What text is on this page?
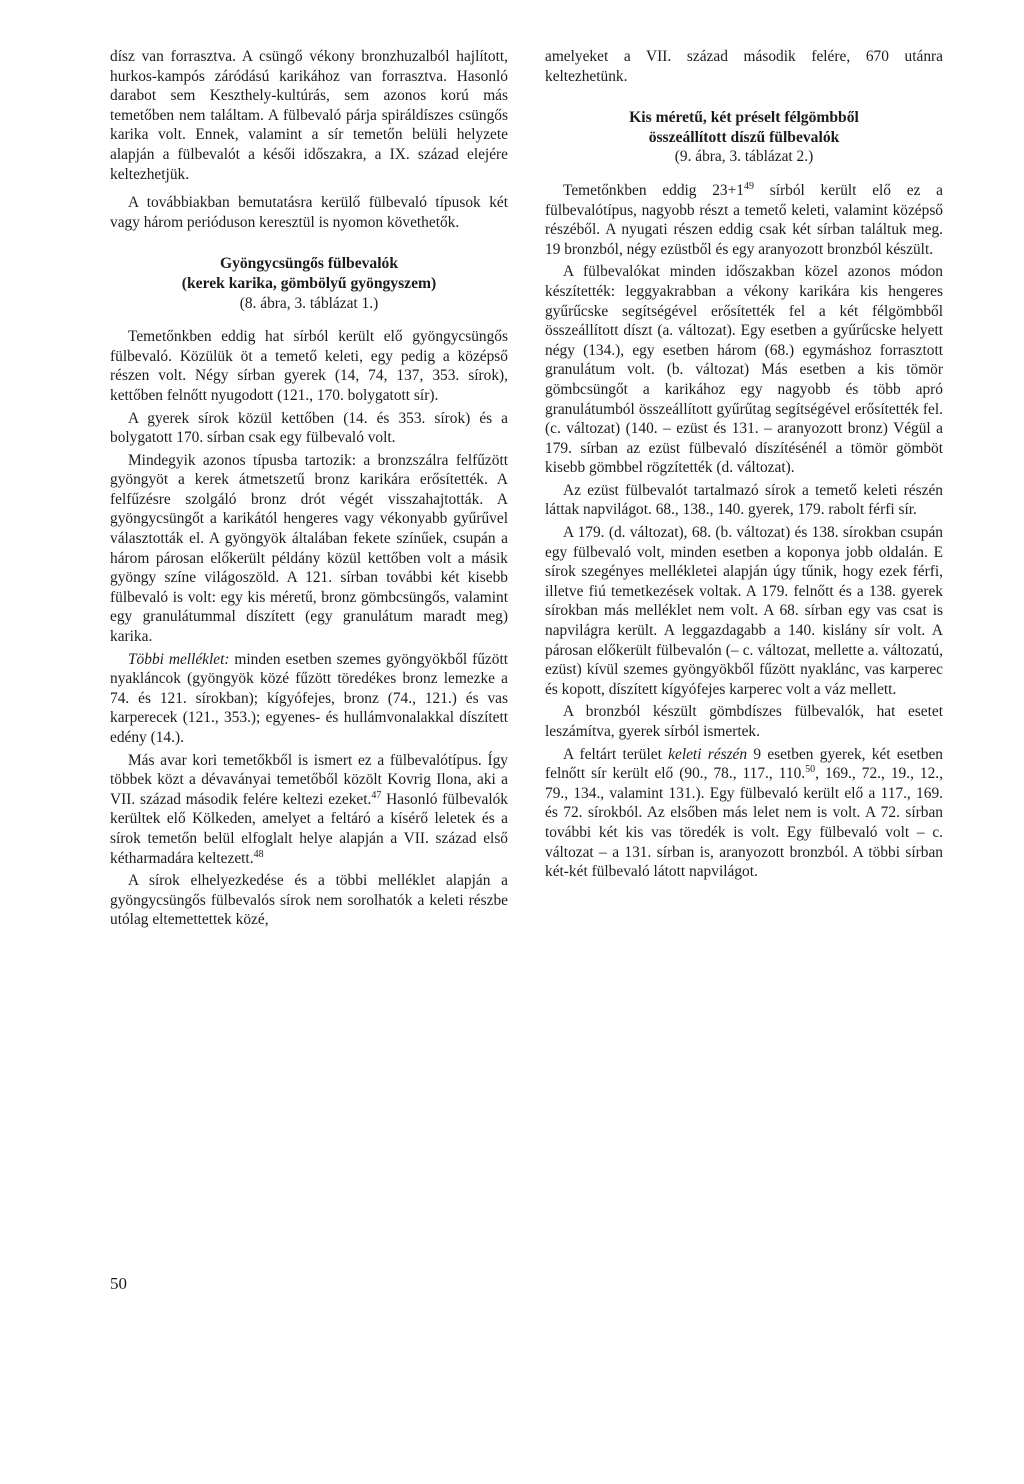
dísz van forrasztva. A csüngő vékony bronzhuzalból hajlított, hurkos-kampós záródású karikához van forrasztva. Hasonló darabot sem Keszthely-kultúrás, sem azonos korú más temetőben nem találtam. A fülbevaló párja spiráldíszes csüngős karika volt. Ennek, valamint a sír temetőn belüli helyzete alapján a fülbevalót a késői időszakra, a IX. század elejére keltezhetjük.

A továbbiakban bemutatásra kerülő fülbevaló típusok két vagy három perióduson keresztül is nyomon követhetők.

Gyöngycsüngős fülbevalók
(kerek karika, gömbölyű gyöngyszem)
(8. ábra, 3. táblázat 1.)

Temetőnkben eddig hat sírból került elő gyöngycsüngős fülbevaló. Közülük öt a temető keleti, egy pedig a középső részen volt. Négy sírban gyerek (14, 74, 137, 353. sírok), kettőben felnőtt nyugodott (121., 170. bolygatott sír).

A gyerek sírok közül kettőben (14. és 353. sírok) és a bolygatott 170. sírban csak egy fülbevaló volt.

Mindegyik azonos típusba tartozik: a bronzszálra felfűzött gyöngyöt a kerek átmetszetű bronz karikára erősítették. A felfűzésre szolgáló bronz drót végét visszahajtották. A gyöngycsüngőt a karikától hengeres vagy vékonyabb gyűrűvel választották el. A gyöngyök általában fekete színűek, csupán a három párosan előkerült példány közül kettőben volt a másik gyöngy színe világoszöld. A 121. sírban további két kisebb fülbevaló is volt: egy kis méretű, bronz gömbcsüngős, valamint egy granulátummal díszített (egy granulátum maradt meg) karika.

Többi melléklet: minden esetben szemes gyöngyökből fűzött nyakláncok (gyöngyök közé fűzött töredékes bronz lemezke a 74. és 121. sírokban); kígyófejes, bronz (74., 121.) és vas karperecek (121., 353.); egyenes- és hullámvonalakkal díszített edény (14.).

Más avar kori temetőkből is ismert ez a fülbevalótípus. Így többek közt a dévaványai temetőből közölt Kovrig Ilona, aki a VII. század második felére keltezi ezeket.$^{47}$ Hasonló fülbevalók kerültek elő Kölkeden, amelyet a feltáró a kísérő leletek és a sírok temetőn belül elfoglalt helye alapján a VII. század első kétharmadára keltezett.$^{48}$

A sírok elhelyezkedése és a többi melléklet alapján a gyöngycsüngős fülbevalós sírok nem sorolhatók a keleti részbe utólag eltemettettek közé,

amelyeket a VII. század második felére, 670 utánra keltezhetünk.

Kis méretű, két préselt félgömbből
összeállított díszű fülbevalók
(9. ábra, 3. táblázat 2.)

Temetőnkben eddig $23+1^{49}$ sírból került elő ez a fülbevalótípus, nagyobb részt a temető keleti, valamint középső részéből. A nyugati részen eddig csak két sírban találtuk meg. 19 bronzból, négy ezüstből és egy aranyozott bronzból készült.

A fülbevalókat minden időszakban közel azonos módon készítették: leggyakrabban a vékony karikára kis hengeres gyűrűcske segítségével erősítették fel a két félgömbből összeállított díszt (a. változat). Egy esetben a gyűrűcske helyett négy (134.), egy esetben három (68.) egymáshoz forrasztott granulátum volt. (b. változat) Más esetben a kis tömör gömbcsüngőt a karikához egy nagyobb és több apró granulátumból összeállított gyűrűtag segítségével erősítették fel. (c. változat) (140. – ezüst és 131. – aranyozott bronz) Végül a 179. sírban az ezüst fülbevaló díszítésénél a tömör gömböt kisebb gömbbel rögzítették (d. változat).

Az ezüst fülbevalót tartalmazó sírok a temető keleti részén láttak napvilágot. 68., 138., 140. gyerek, 179. rabolt férfi sír.

A 179. (d. változat), 68. (b. változat) és 138. sírokban csupán egy fülbevaló volt, minden esetben a koponya jobb oldalán. E sírok szegényes mellékletei alapján úgy tűnik, hogy ezek férfi, illetve fiú temetkezések voltak. A 179. felnőtt és a 138. gyerek sírokban más melléklet nem volt. A 68. sírban egy vas csat is napvilágra került. A leggazdagabb a 140. kislány sír volt. A párosan előkerült fülbevalón (– c. változat, mellette a. változatú, ezüst) kívül szemes gyöngyökből fűzött nyaklánc, vas karperec és kopott, díszített kígyófejes karperec volt a váz mellett.

A bronzból készült gömbdíszes fülbevalók, hat esetet leszámítva, gyerek sírból ismertek.

A feltárt terület keleti részén 9 esetben gyerek, két esetben felnőtt sír került elő (90., 78., 117., 110.50, 169., 72., 19., 12., 79., 134., valamint 131.). Egy fülbevaló került elő a 117., 169. és 72. sírokból. Az elsőben más lelet nem is volt. A 72. sírban további két kis vas töredék is volt. Egy fülbevaló volt – c. változat – a 131. sírban is, aranyozott bronzból. A többi sírban két-két fülbevaló látott napvilágot.

50
